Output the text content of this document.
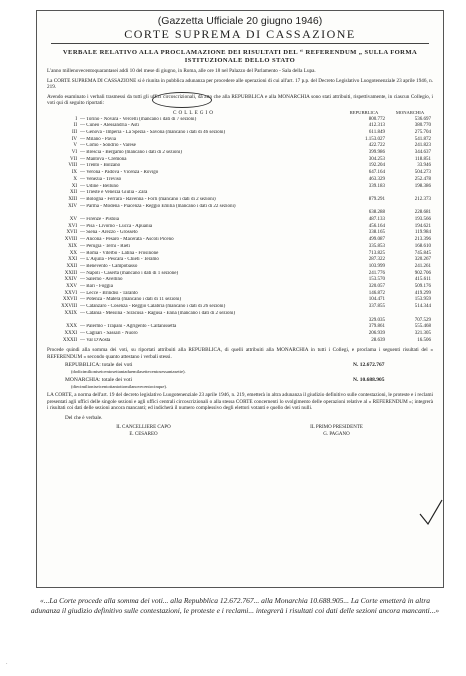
(Gazzetta Ufficiale 20 giugno 1946)
CORTE SUPREMA DI CASSAZIONE
VERBALE RELATIVO ALLA PROCLAMAZIONE DEI RISULTATI DEL “ REFERENDUM „ SULLA FORMA ISTITUZIONALE DELLO STATO

L'anno millenovecentoquarantasei addi 10 del mese di giugno, in Roma, alle ore 18 nel Palazzo del Parlamento - Sala della Lupa.

La CORTE SUPREMA DI CASSAZIONE si è riunita in pubblica adunanza per procedere alle operazioni di cui all'art. 17 p.p. del Decreto Legislativo Luogotenenziale 23 aprile 1946, n. 219.

Avendo esaminato i verbali trasmessi da tutti gli uffici circoscrizionali, dà atto che alla REPUBBLICA e alla MONARCHIA sono stati attribuiti, rispettivamente, in ciascun Collegio, i voti qui di seguito riportati:

COLLEGIO	REPUBBLICA	MONARCHIA
I — Torino - Novara - Vercelli (mancano i dati di 7 sezioni)	800.772	536.697
II — Cuneo - Alessandria - Asti	412.313	380.770
III — Genova - Imperia - La Spezia - Savona (mancano i dati di 46 sezioni)	611.849	275.704
IV — Milano - Pavia	1.153.027	541.872
V — Como - Sondrio - Varese	422.722	241.823
VI — Brescia - Bergamo (mancano i dati di 2 sezioni)	399.986	344.637
VII — Mantova - Cremona	304.253	118.851
VIII — Trento - Bolzano	192.204	33.946
IX — Verona - Padova - Vicenza - Rovigo	647.164	504.273
X — Venezia - Treviso	463.329	252.478
XI — Udine - Belluno	339.183	198.386
XII — Trieste e Venezia Giulia - Zara
XIII — Bologna - Ferrara - Ravenna - Forlì (mancano i dati di 2 sezioni)	879.291	212.373
XIV — Parma - Modena - Piacenza - Reggio Emilia (mancano i dati di 22 sezioni)
638.288	228.681
XV — Firenze - Pistoia	487.133	193.566
XVI — Pisa - Livorno - Lucca - Apuania	456.164	194.621
XVII — Siena - Arezzo - Grosseto	338.165	119.984
XVIII — Ancona - Pesaro - Macerata - Ascoli Piceno	499.087	213.396
XIX — Perugia - Terni - Rieti	335.853	168.610
XX — Roma - Viterbo - Latina - Frosinone	713.825	745.845
XXI — L'Aquila - Pescara - Chieti - Teramo	287.322	320.267
XXII — Benevento - Campobasso	103.999	241.261
XXIII — Napoli - Caserta (mancano i dati di 1 sezione)	241.776	902.706
XXIV — Salerno - Avellino	153.570	415.611
XXV — Bari - Foggia	320.057	509.176
XXVI — Lecce - Brindisi - Taranto	146.872	419.299
XXVII — Potenza - Matera (mancano i dati di 11 sezioni)	104.471	153.959
XXVIII — Catanzaro - Cosenza - Reggio Calabria (mancano i dati di 26 sezioni)	337.855	514.344
XXIX — Catania - Messina - Siracusa - Ragusa - Enna (mancano i dati di 2 sezioni)
329.035	707.529
XXX — Palermo - Trapani - Agrigento - Caltanissetta	379.861	555.468
XXXI — Cagliari - Sassari - Nuoro	206.939	321.305
XXXII — Val D'Aosta	28.639	16.506

Procede quindi alla somma dei voti, su riportati attribuiti alla REPUBBLICA, di quelli attribuiti alla MONARCHIA in tutti i Collegi, e proclama i seguenti risultati del « REFERENDUM » secondo quanto attestano i verbali stessi.

REPUBBLICA: totale dei voti	N. 12.672.767
(dodicimilioniseicentosettantaduemilasettecentosessantasette).
MONARCHIA: totale dei voti	N. 10.688.905
(diecimilioniseicentottantottomilanovecentocinque).

LA CORTE, a norma dell'art. 19 del decreto legislativo Luogotenenziale 23 aprile 1946, n. 219, emetterà in altra adunanza il giudizio definitivo sulle contestazioni, le proteste e i reclami presentati agli uffici delle singole sezioni e agli uffici centrali circoscrizionali o alla stessa CORTE concernenti lo svolgimento delle operazioni relative al « REFERENDUM »; integrerà i risultati coi dati delle sezioni ancora mancanti; ed indicherà il numero complessivo degli elettori votanti e quello dei voti nulli.

Del che è verbale.

IL CANCELLIERE CAPO
E. CESAREO
IL PRIMO PRESIDENTE
G. PAGANO
«...La Corte procede alla somma dei voti... alla Repubblica 12.672.767... alla Monarchia 10.688.905... La Corte emetterà in altra adunanza il giudizio definitivo sulle contestazioni, le proteste e i reclami... integrerà i risultati coi dati delle sezioni ancora mancanti...»
.
